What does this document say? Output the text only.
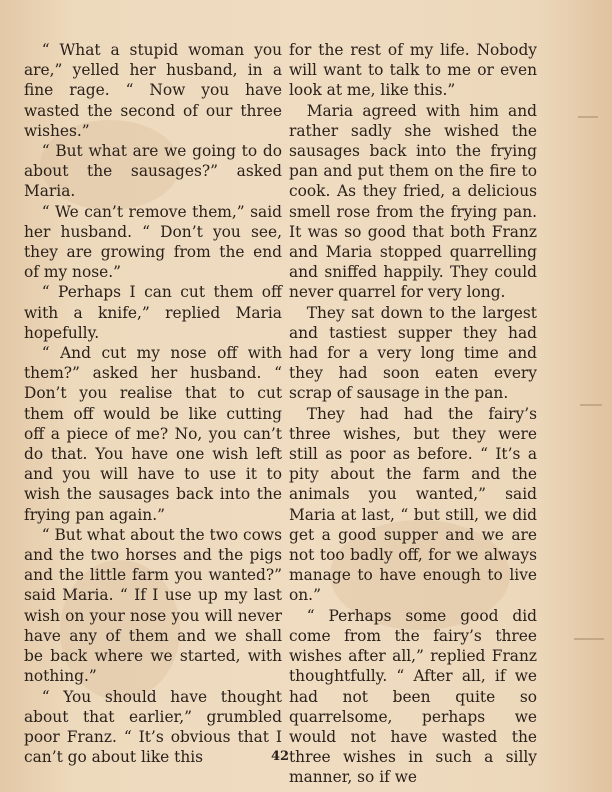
“ What a stupid woman you are,” yelled her husband, in a fine rage. “ Now you have wasted the second of our three wishes.”

“ But what are we going to do about the sausages?” asked Maria.

“ We can’t remove them,” said her husband. “ Don’t you see, they are growing from the end of my nose.”

“ Perhaps I can cut them off with a knife,” replied Maria hopefully.

“ And cut my nose off with them?” asked her husband. “ Don’t you realise that to cut them off would be like cutting off a piece of me? No, you can’t do that. You have one wish left and you will have to use it to wish the sausages back into the frying pan again.”

“ But what about the two cows and the two horses and the pigs and the little farm you wanted?” said Maria. “ If I use up my last wish on your nose you will never have any of them and we shall be back where we started, with nothing.”

“ You should have thought about that earlier,” grumbled poor Franz. “ It’s obvious that I can’t go about like this

for the rest of my life. Nobody will want to talk to me or even look at me, like this.”

Maria agreed with him and rather sadly she wished the sausages back into the frying pan and put them on the fire to cook. As they fried, a delicious smell rose from the frying pan. It was so good that both Franz and Maria stopped quarrelling and sniffed happily. They could never quarrel for very long.

They sat down to the largest and tastiest supper they had had for a very long time and they had soon eaten every scrap of sausage in the pan.

They had had the fairy’s three wishes, but they were still as poor as before. “ It’s a pity about the farm and the animals you wanted,” said Maria at last, “ but still, we did get a good supper and we are not too badly off, for we always manage to have enough to live on.”

“ Perhaps some good did come from the fairy’s three wishes after all,” replied Franz thoughtfully. “ After all, if we had not been quite so quarrelsome, perhaps we would not have wasted the three wishes in such a silly manner, so if we

42
